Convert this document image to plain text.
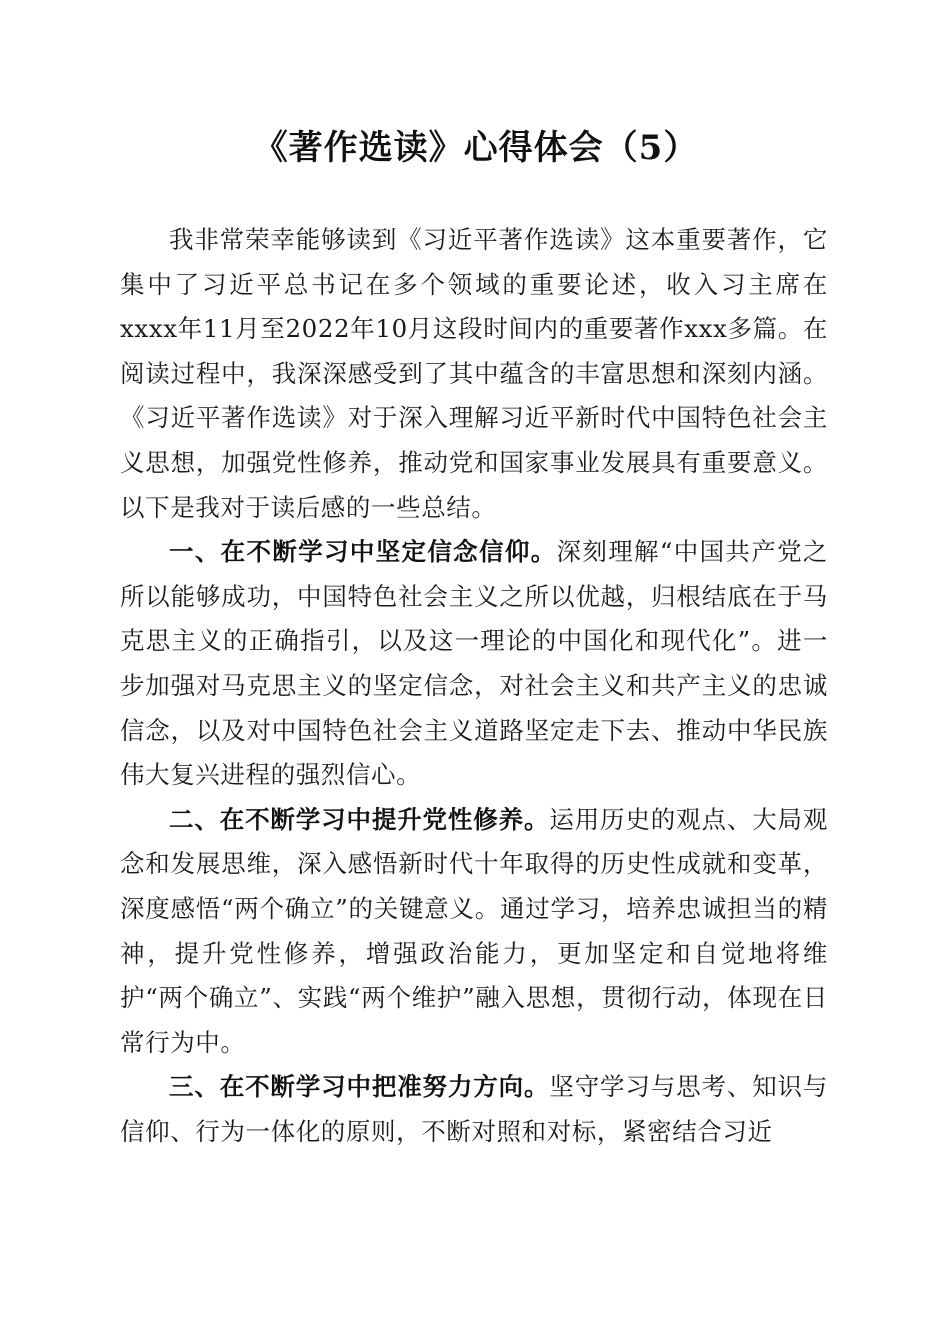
《著作选读》心得体会（5）

我非常荣幸能够读到《习近平著作选读》这本重要著作，它集中了习近平总书记在多个领域的重要论述，收入习主席在xxxx年11月至2022年10月这段时间内的重要著作xxx多篇。在阅读过程中，我深深感受到了其中蕴含的丰富思想和深刻内涵。《习近平著作选读》对于深入理解习近平新时代中国特色社会主义思想，加强党性修养，推动党和国家事业发展具有重要意义。以下是我对于读后感的一些总结。

一、在不断学习中坚定信念信仰。深刻理解“中国共产党之所以能够成功，中国特色社会主义之所以优越，归根结底在于马克思主义的正确指引，以及这一理论的中国化和现代化”。进一步加强对马克思主义的坚定信念，对社会主义和共产主义的忠诚信念，以及对中国特色社会主义道路坚定走下去、推动中华民族伟大复兴进程的强烈信心。

二、在不断学习中提升党性修养。运用历史的观点、大局观念和发展思维，深入感悟新时代十年取得的历史性成就和变革，深度感悟“两个确立”的关键意义。通过学习，培养忠诚担当的精神，提升党性修养，增强政治能力，更加坚定和自觉地将维护“两个确立”、实践“两个维护”融入思想，贯彻行动，体现在日常行为中。

三、在不断学习中把准努力方向。坚守学习与思考、知识与信仰、行为一体化的原则，不断对照和对标，紧密结合习近
